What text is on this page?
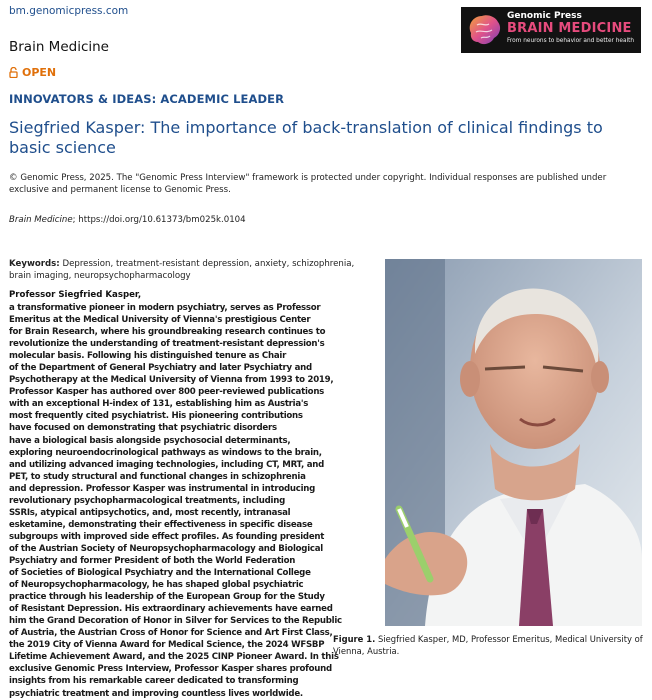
bm.genomicpress.com
Brain Medicine
OPEN
Genomic Press
BRAIN MEDICINE
From neurons to behavior and better health
INNOVATORS & IDEAS: ACADEMIC LEADER
Siegfried Kasper: The importance of back-translation of clinical findings to basic science
© Genomic Press, 2025. The "Genomic Press Interview" framework is protected under copyright. Individual responses are published under exclusive and permanent license to Genomic Press.
Brain Medicine; https://doi.org/10.61373/bm025k.0104
Keywords: Depression, treatment-resistant depression, anxiety, schizophrenia, brain imaging, neuropsychopharmacology
Professor Siegfried Kasper,
a transformative pioneer in modern psychiatry, serves as Professor
Emeritus at the Medical University of Vienna's prestigious Center
for Brain Research, where his groundbreaking research continues to
revolutionize the understanding of treatment-resistant depression's
molecular basis. Following his distinguished tenure as Chair
of the Department of General Psychiatry and later Psychiatry and
Psychotherapy at the Medical University of Vienna from 1993 to 2019,
Professor Kasper has authored over 800 peer-reviewed publications
with an exceptional H-index of 131, establishing him as Austria's
most frequently cited psychiatrist. His pioneering contributions
have focused on demonstrating that psychiatric disorders
have a biological basis alongside psychosocial determinants,
exploring neuroendocrinological pathways as windows to the brain,
and utilizing advanced imaging technologies, including CT, MRT, and
PET, to study structural and functional changes in schizophrenia
and depression. Professor Kasper was instrumental in introducing
revolutionary psychopharmacological treatments, including
SSRIs, atypical antipsychotics, and, most recently, intranasal
esketamine, demonstrating their effectiveness in specific disease
subgroups with improved side effect profiles. As founding president
of the Austrian Society of Neuropsychopharmacology and Biological
Psychiatry and former President of both the World Federation
of Societies of Biological Psychiatry and the International College
of Neuropsychopharmacology, he has shaped global psychiatric
practice through his leadership of the European Group for the Study
of Resistant Depression. His extraordinary achievements have earned
him the Grand Decoration of Honor in Silver for Services to the Republic
of Austria, the Austrian Cross of Honor for Science and Art First Class,
the 2019 City of Vienna Award for Medical Science, the 2024 WFSBP
Lifetime Achievement Award, and the 2025 CINP Pioneer Award. In this
exclusive Genomic Press Interview, Professor Kasper shares profound
insights from his remarkable career dedicated to transforming
psychiatric treatment and improving countless lives worldwide.
Figure 1. Siegfried Kasper, MD, Professor Emeritus, Medical University of Vienna, Austria.
